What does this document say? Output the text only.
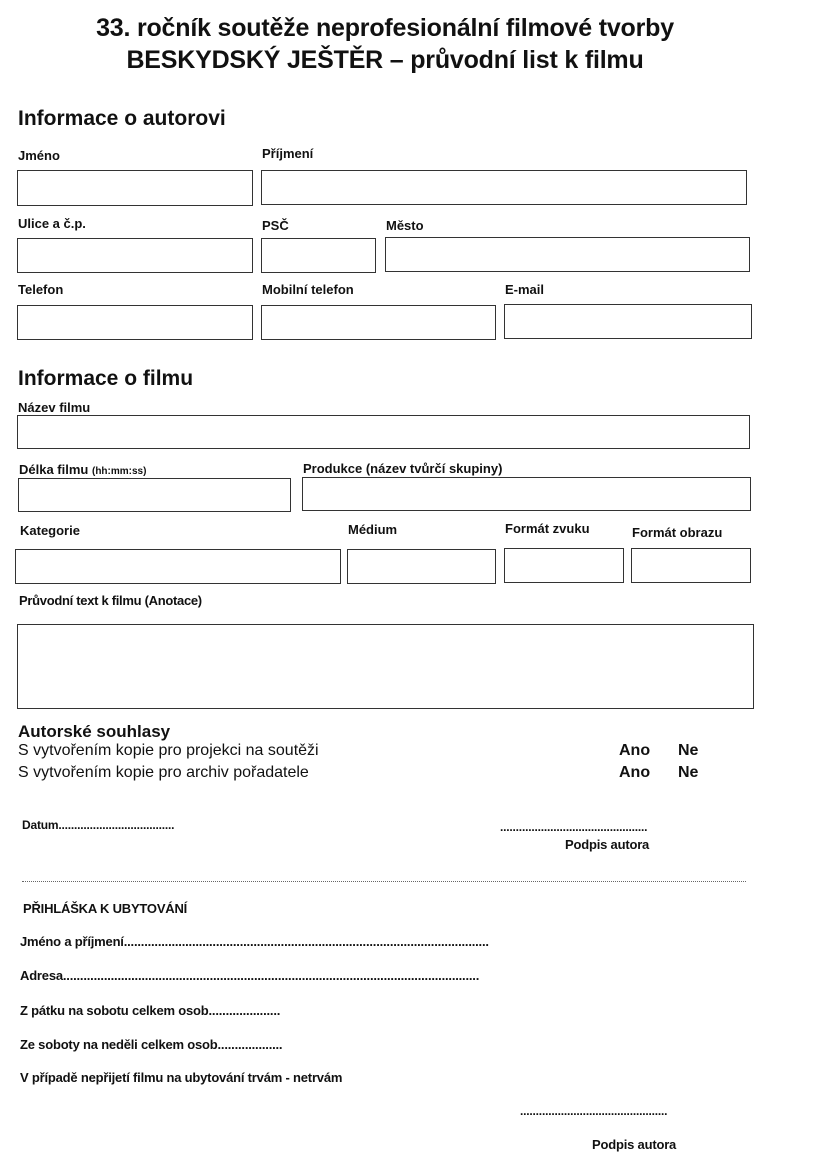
33. ročník soutěže neprofesionální filmové tvorby
BESKYDSKÝ JEŠTĚR – průvodní list k filmu
Informace o autorovi
Jméno	Příjmení
Ulice a č.p.	PSČ	Město
Telefon	Mobilní telefon	E-mail
Informace o filmu
Název filmu
Délka filmu (hh:mm:ss)	Produkce (název tvůrčí skupiny)
Kategorie	Médium	Formát zvuku	Formát obrazu
Průvodní text k filmu (Anotace)
Autorské souhlasy
S vytvořením kopie pro projekci na soutěži	Ano Ne
S vytvořením kopie pro archiv pořadatele	Ano Ne
Datum.....................................	...............................................
Podpis autora
PŘIHLÁŠKA K UBYTOVÁNÍ
Jméno a příjmení...........................................................................................................
Adresa..........................................................................................................................
Z pátku na sobotu celkem osob.....................
Ze soboty na neděli celkem osob...................
V případě nepřijetí filmu na ubytování trvám - netrvám
...............................................
Podpis autora
